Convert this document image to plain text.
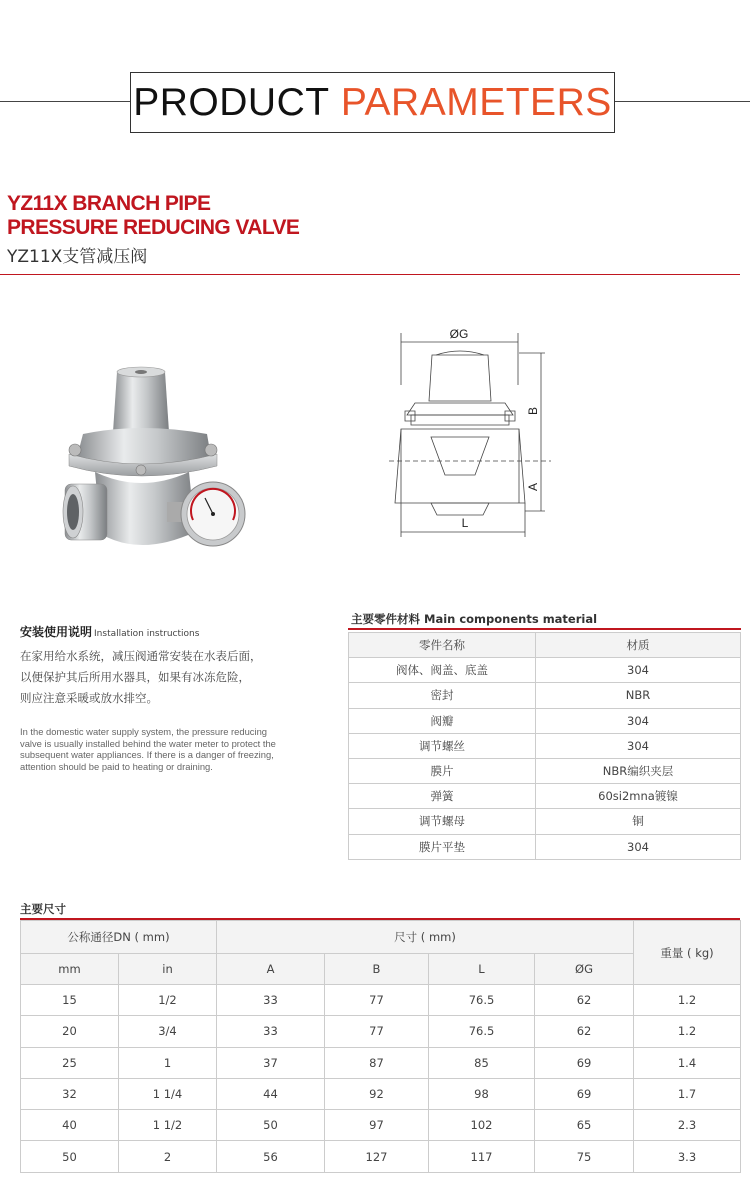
PRODUCT
PARAMETERS
YZ11X BRANCH PIPE
PRESSURE REDUCING VALVE
YZ11X支管减压阀
ØG
B
A
L
安装使用说明 Installation instructions
在家用给水系统，减压阀通常安装在水表后面，
以便保护其后所用水器具，如果有冰冻危险，
则应注意采暖或放水排空。
In the domestic water supply system, the pressure reducing valve is usually installed behind the water meter to protect the subsequent water appliances. If there is a danger of freezing, attention should be paid to heating or draining.
主要零件材料 Main components material
零件名称	材质
阀体、阀盖、底盖	304
密封	NBR
阀瓣	304
调节螺丝	304
膜片	NBR编织夹层
弹簧	60si2mna镀镍
调节螺母	铜
膜片平垫	304
主要尺寸
公称通径DN ( mm)		尺寸 ( mm)				重量 ( kg)
mm	in	A	B	L	ØG	
15	1/2	33	77	76.5	62	1.2
20	3/4	33	77	76.5	62	1.2
25	1	37	87	85	69	1.4
32	1 1/4	44	92	98	69	1.7
40	1 1/2	50	97	102	65	2.3
50	2	56	127	117	75	3.3
